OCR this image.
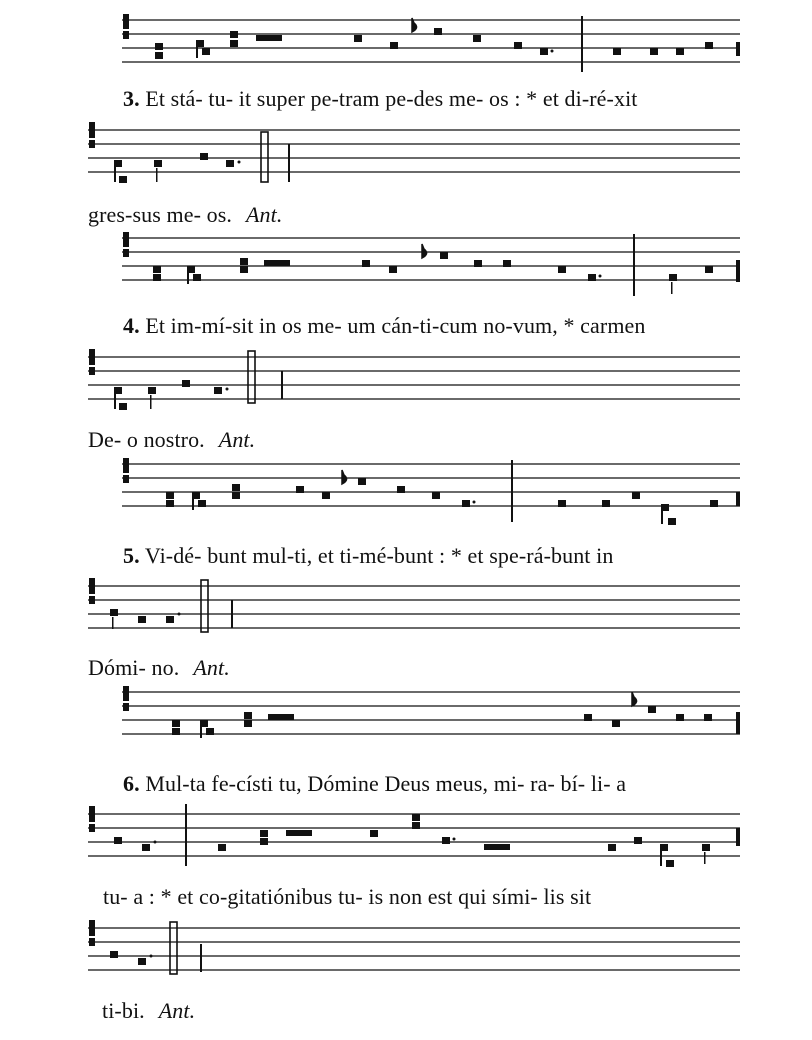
3. Et stá- tu- it super pe-tram pe-des me- os : * et di-ré-xit
gres-sus me- os. Ant.
4. Et im-mí-sit in os me- um cán-ti-cum no-vum, * carmen
De- o nostro. Ant.
5. Vi-dé- bunt mul-ti, et ti-mé-bunt : * et spe-rá-bunt in
Dómi- no. Ant.
6. Mul-ta fe-císti tu, Dómine Deus meus, mi- ra- bí- li- a
tu- a : * et co-gitatiónibus tu- is non est qui sími- lis sit
ti-bi. Ant.
